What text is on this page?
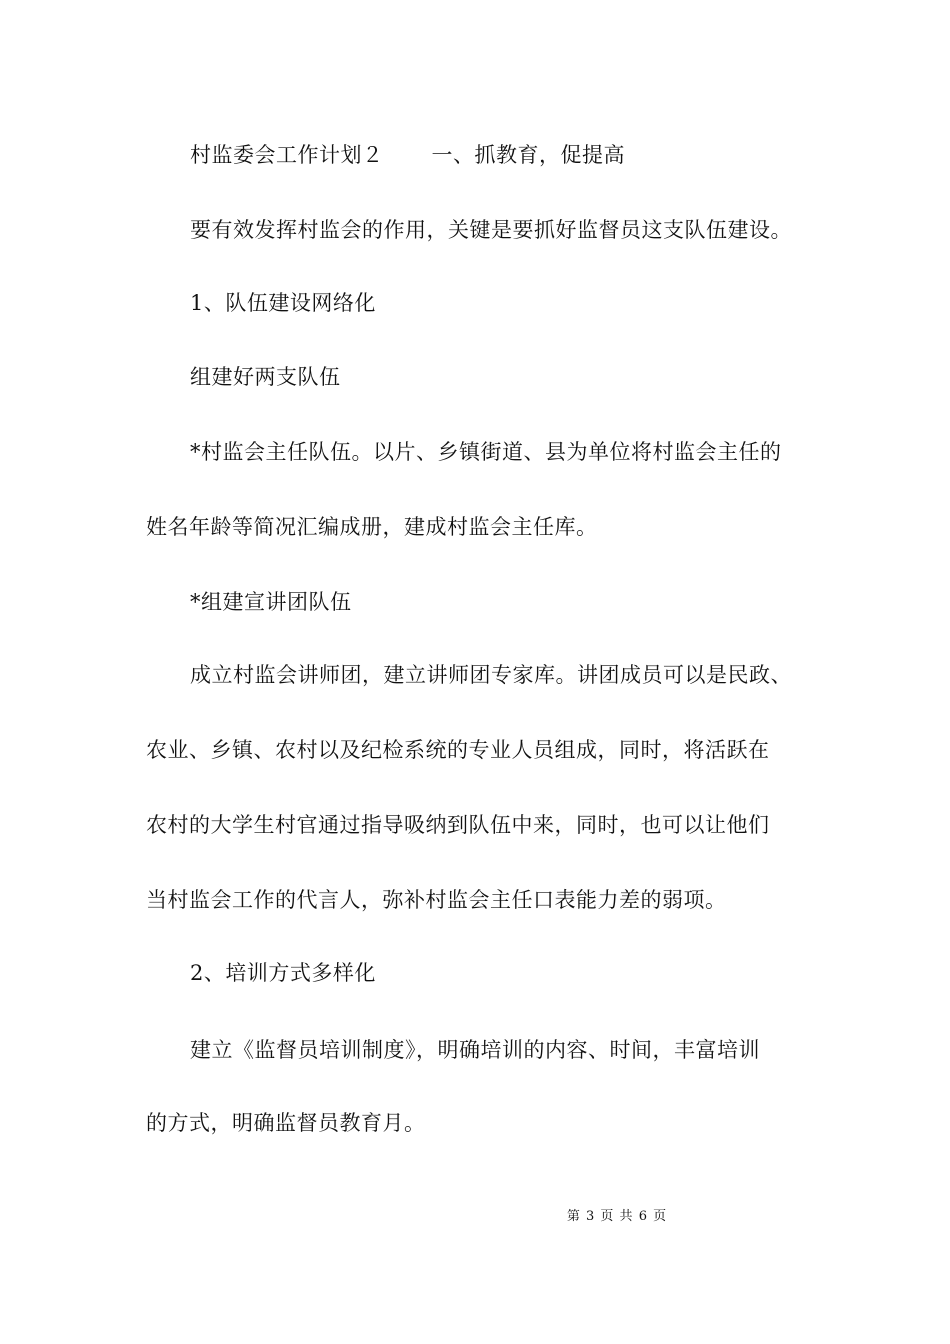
村监委会工作计划２ 一、抓教育，促提高
要有效发挥村监会的作用，关键是要抓好监督员这支队伍建设。
1、队伍建设网络化
组建好两支队伍
*村监会主任队伍。以片、乡镇街道、县为单位将村监会主任的
姓名年龄等简况汇编成册，建成村监会主任库。
*组建宣讲团队伍
成立村监会讲师团，建立讲师团专家库。讲团成员可以是民政、
农业、乡镇、农村以及纪检系统的专业人员组成，同时，将活跃在
农村的大学生村官通过指导吸纳到队伍中来，同时，也可以让他们
当村监会工作的代言人，弥补村监会主任口表能力差的弱项。
2、培训方式多样化
建立《监督员培训制度》，明确培训的内容、时间，丰富培训
的方式，明确监督员教育月。
第 3 页 共 6 页
